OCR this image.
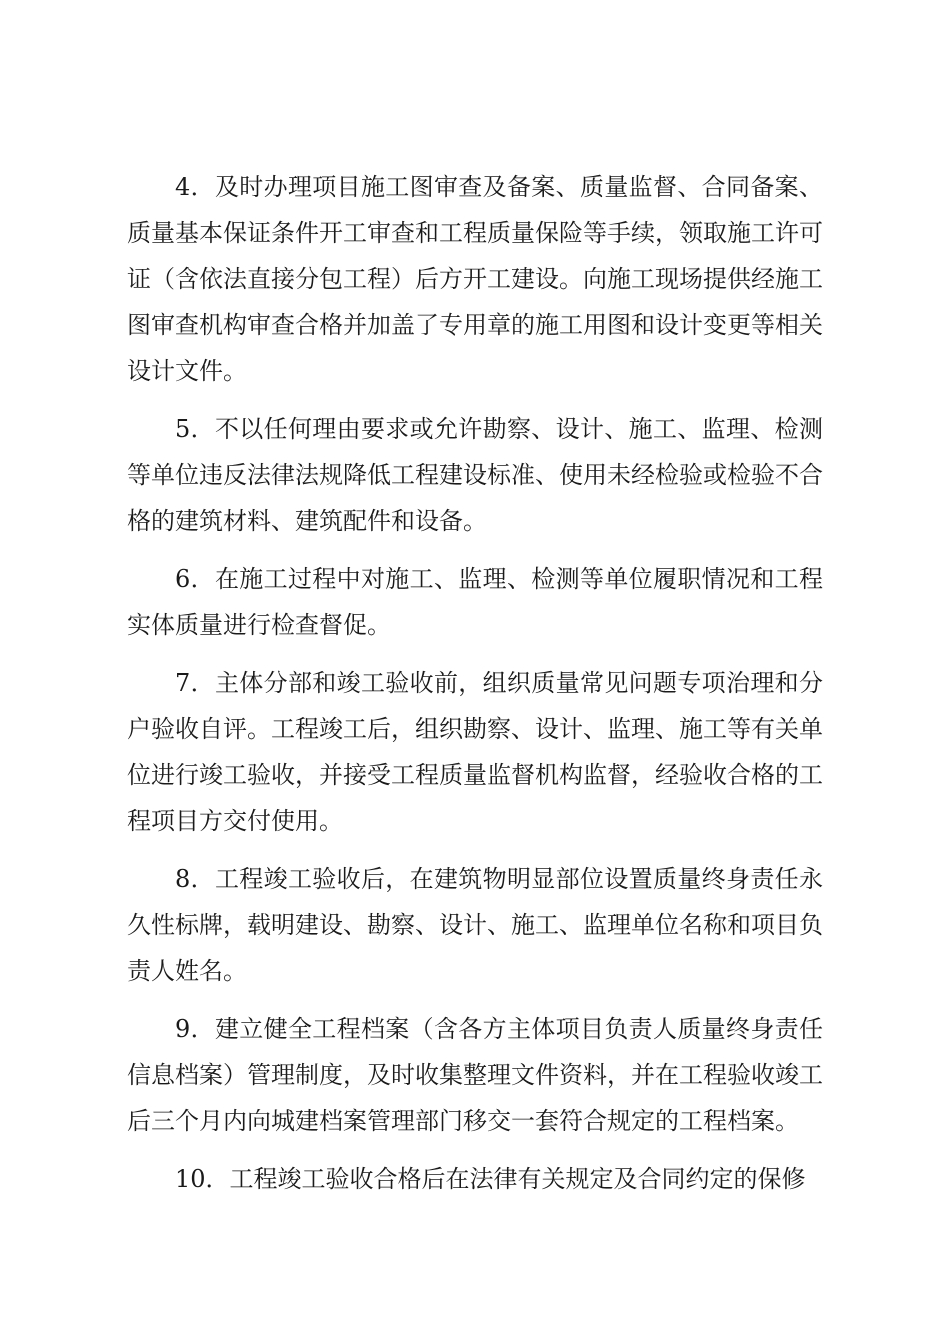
4．及时办理项目施工图审查及备案、质量监督、合同备案、质量基本保证条件开工审查和工程质量保险等手续，领取施工许可证（含依法直接分包工程）后方开工建设。向施工现场提供经施工图审查机构审查合格并加盖了专用章的施工用图和设计变更等相关设计文件。

5．不以任何理由要求或允许勘察、设计、施工、监理、检测等单位违反法律法规降低工程建设标准、使用未经检验或检验不合格的建筑材料、建筑配件和设备。

6．在施工过程中对施工、监理、检测等单位履职情况和工程实体质量进行检查督促。

7．主体分部和竣工验收前，组织质量常见问题专项治理和分户验收自评。工程竣工后，组织勘察、设计、监理、施工等有关单位进行竣工验收，并接受工程质量监督机构监督，经验收合格的工程项目方交付使用。

8．工程竣工验收后，在建筑物明显部位设置质量终身责任永久性标牌，载明建设、勘察、设计、施工、监理单位名称和项目负责人姓名。

9．建立健全工程档案（含各方主体项目负责人质量终身责任信息档案）管理制度，及时收集整理文件资料，并在工程验收竣工后三个月内向城建档案管理部门移交一套符合规定的工程档案。

10．工程竣工验收合格后在法律有关规定及合同约定的保修
